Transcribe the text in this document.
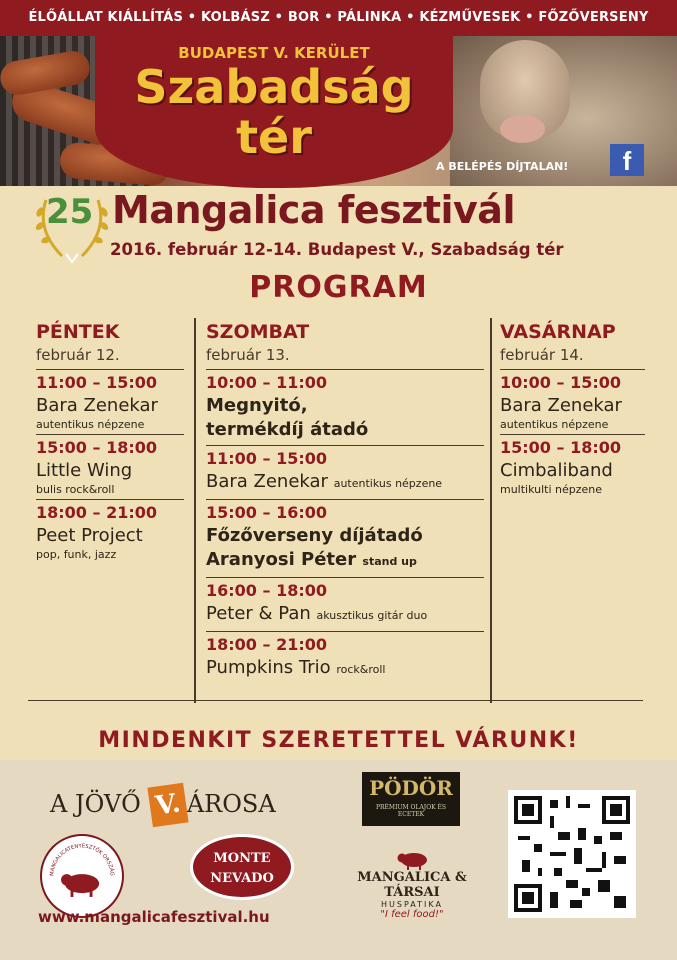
ÉLŐÁLLAT KIÁLLÍTÁS • KOLBÁSZ • BOR • PÁLINKA • KÉZMŰVESEK • FŐZŐVERSENY
BUDAPEST V. KERÜLET
Szabadság
tér
A BELÉPÉS DÍJTALAN!	f
25 Mangalica fesztivál
2016. február 12-14. Budapest V., Szabadság tér
PROGRAM
PÉNTEK
február 12.
11:00 – 15:00
Bara Zenekar
autentikus népzene
15:00 – 18:00
Little Wing
bulis rock&roll
18:00 – 21:00
Peet Project
pop, funk, jazz
SZOMBAT
február 13.
10:00 – 11:00
Megnyitó, termékdíj átadó
11:00 – 15:00
Bara Zenekar autentikus népzene
15:00 – 16:00
Főzőverseny díjátadó
Aranyosi Péter stand up
16:00 – 18:00
Peter & Pan akusztikus gitár duo
18:00 – 21:00
Pumpkins Trio rock&roll
VASÁRNAP
február 14.
10:00 – 15:00
Bara Zenekar
autentikus népzene
15:00 – 18:00
Cimbaliband
multikulti népzene
MINDENKIT SZERETETTEL VÁRUNK!
A JÖVŐ ÁROSA
V.
PÖDÖR
PRÉMIUM OLAJOK ÉS ECETEK
MANGALICATENYÉSZTŐK ORSZÁG
MONTE
NEVADO	MANGALICA & TÁRSAI
HUSPATIKA
"I feel food!"
www.mangalicafesztival.hu
